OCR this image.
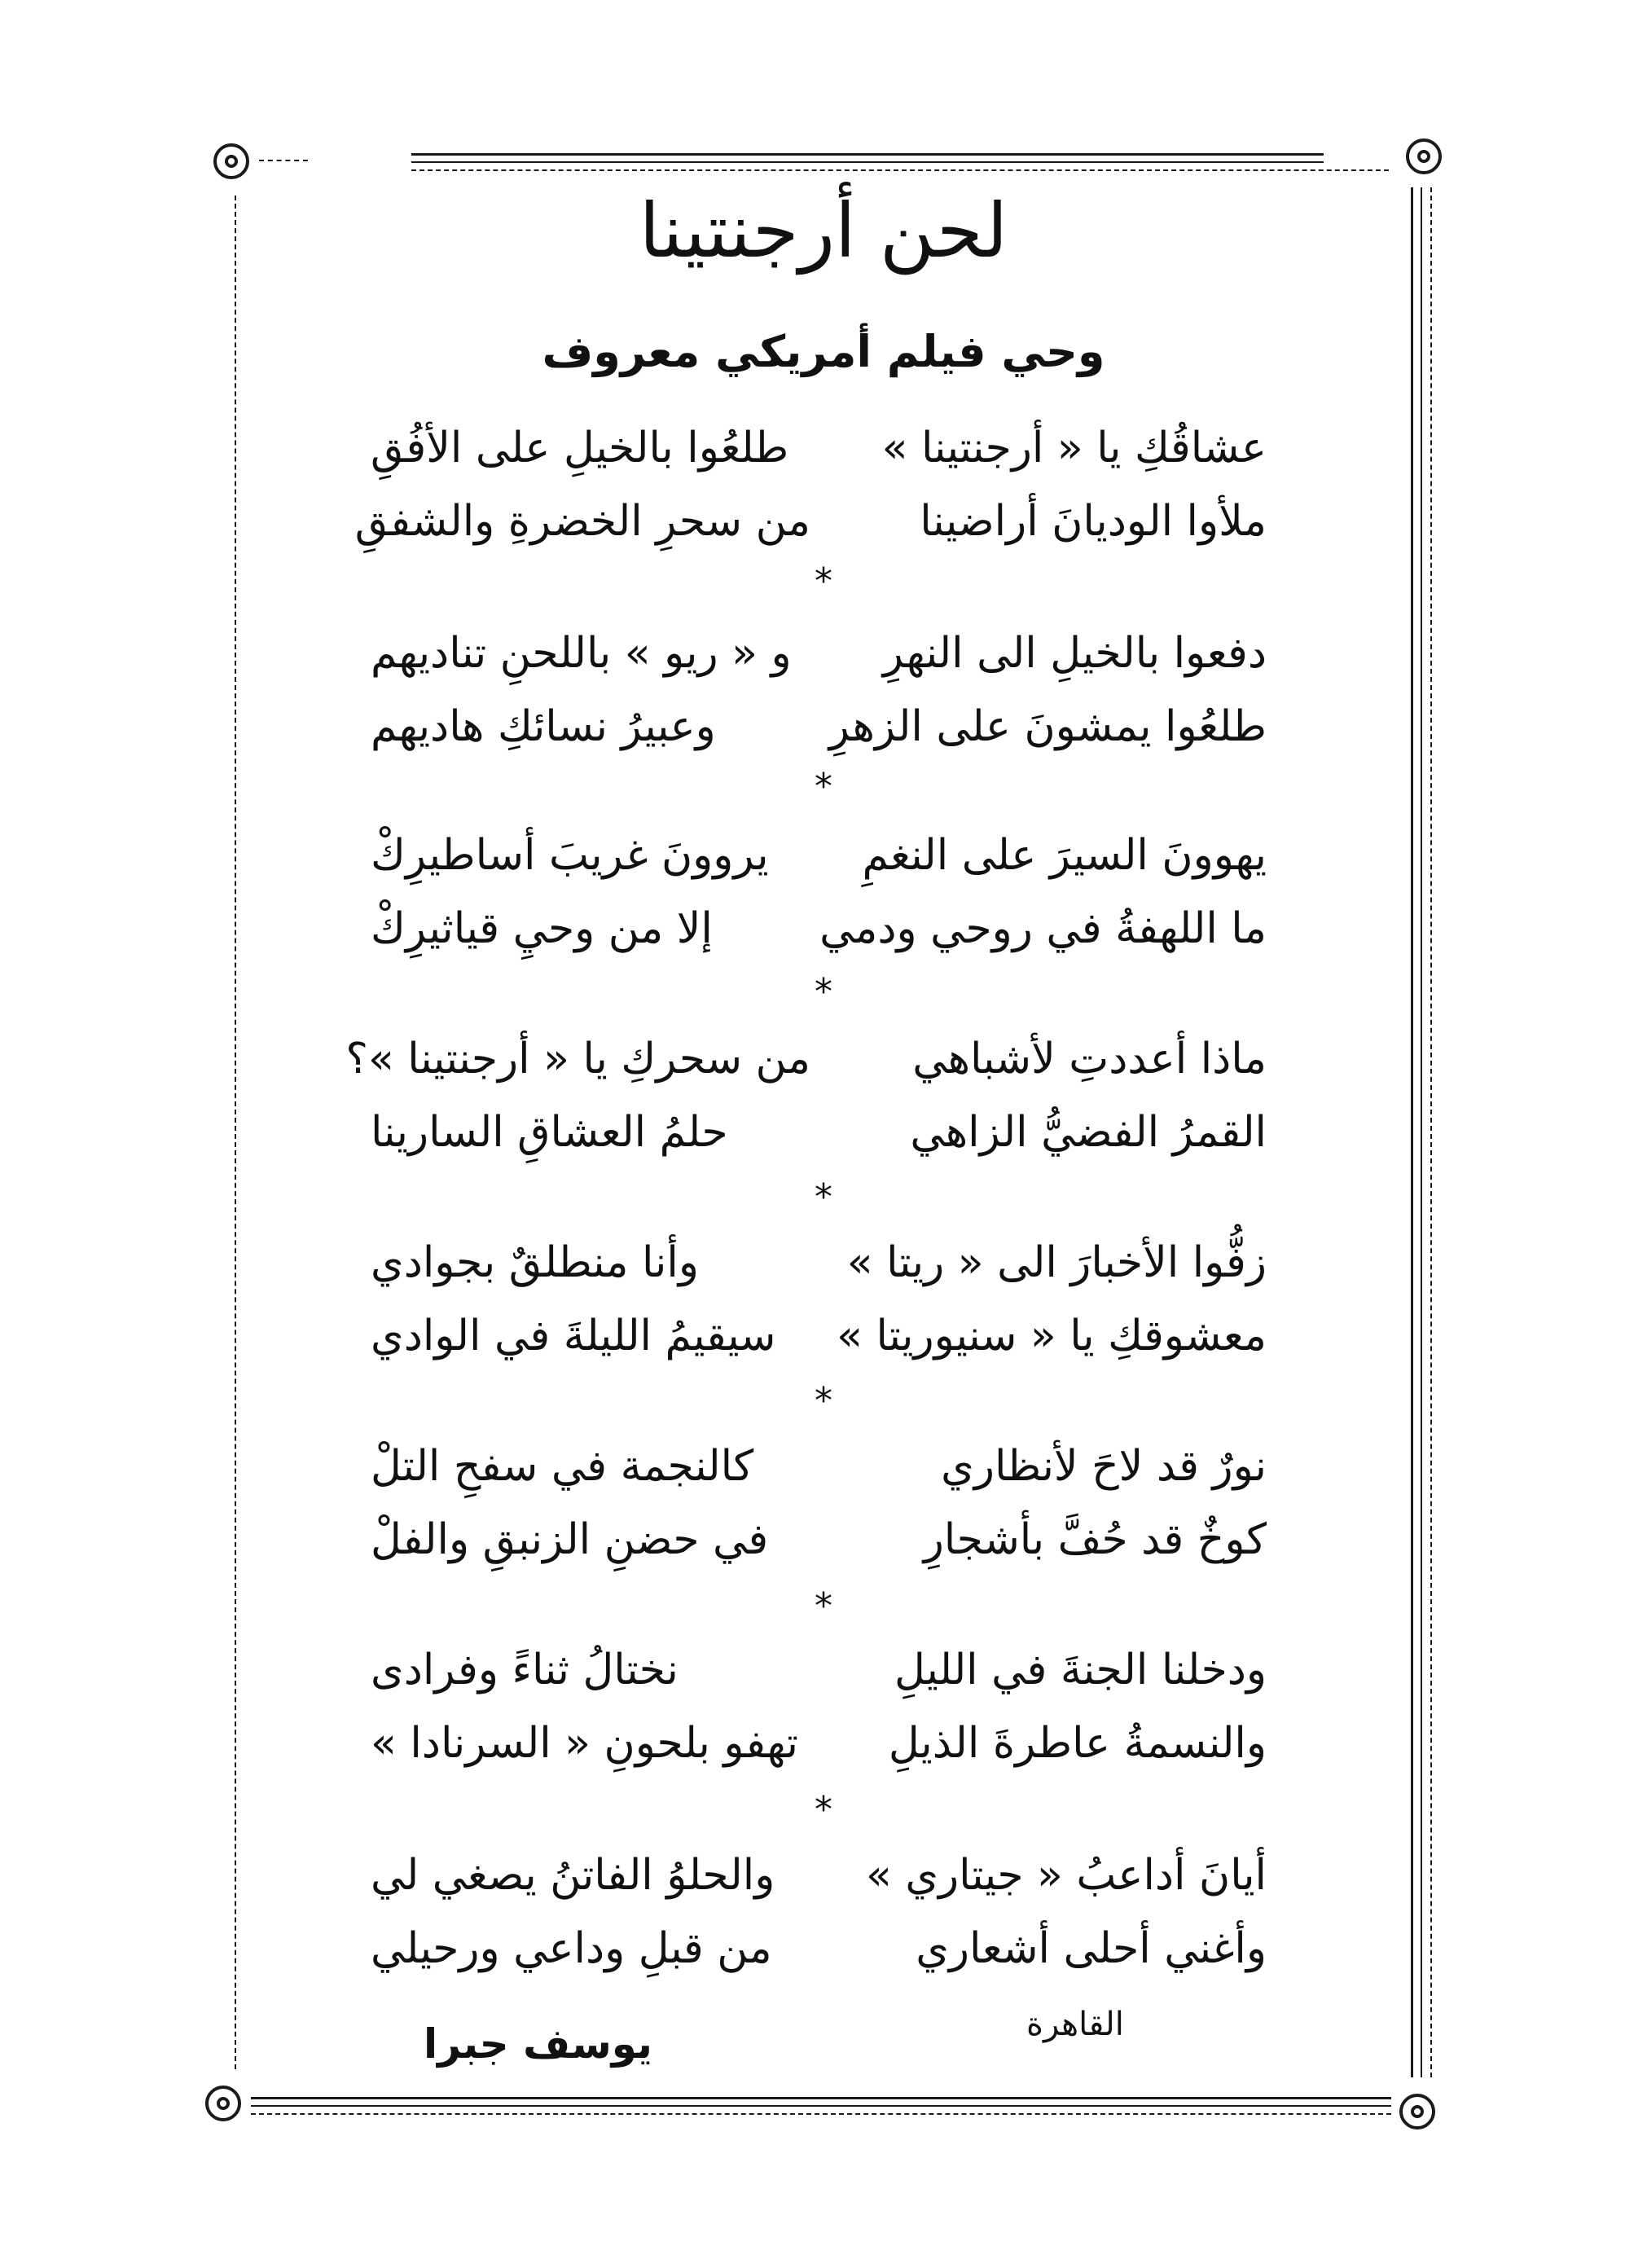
لحن أرجنتينا
وحي فيلم أمريكي معروف
عشاقُكِ يا « أرجنتينا »
طلعُوا بالخيلِ على الأفُقِ
ملأوا الوديانَ أراضينا
من سحرِ الخضرةِ والشفقِ
دفعوا بالخيلِ الى النهرِ
و « ريو » باللحنِ تناديهم
طلعُوا يمشونَ على الزهرِ
وعبيرُ نسائكِ هاديهم
يهوونَ السيرَ على النغمِ
يروونَ غريبَ أساطيرِكْ
ما اللهفةُ في روحي ودمي
إلا من وحيِ قياثيرِكْ
ماذا أعددتِ لأشباهي
من سحركِ يا « أرجنتينا »؟
القمرُ الفضيُّ الزاهي
حلمُ العشاقِ السارينا
زفُّوا الأخبارَ الى « ريتا »
وأنا منطلقٌ بجوادي
معشوقكِ يا « سنيوريتا »
سيقيمُ الليلةَ في الوادي
نورٌ قد لاحَ لأنظاري
كالنجمة في سفحِ التلْ
كوخٌ قد حُفَّ بأشجارِ
في حضنِ الزنبقِ والفلْ
ودخلنا الجنةَ في الليلِ
نختالُ ثناءً وفرادى
والنسمةُ عاطرةَ الذيلِ
تهفو بلحونِ « السرنادا »
أيانَ أداعبُ « جيتاري »
والحلوُ الفاتنُ يصغي لي
وأغني أحلى أشعاري
من قبلِ وداعي ورحيلي
*
*
*
*
*
*
*
القاهرة
يوسف جبرا
